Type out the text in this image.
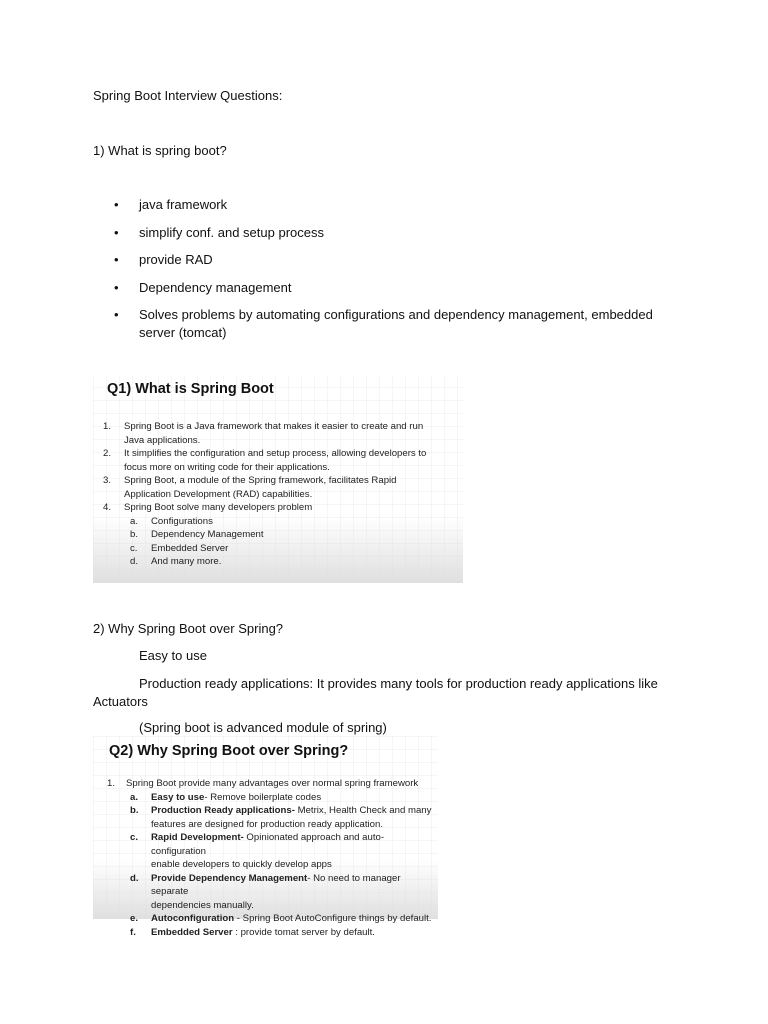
Spring Boot Interview Questions:

1) What is spring boot?

• java framework
• simplify conf. and setup process
• provide RAD
• Dependency management
• Solves problems by automating configurations and dependency management, embedded server (tomcat)
Q1) What is Spring Boot
1. Spring Boot is a Java framework that makes it easier to create and run
Java applications.
2. It simplifies the configuration and setup process, allowing developers to
focus more on writing code for their applications.
3. Spring Boot, a module of the Spring framework, facilitates Rapid
Application Development (RAD) capabilities.
4. Spring Boot solve many developers problem
a. Configurations
b. Dependency Management
c. Embedded Server
d. And many more.

2) Why Spring Boot over Spring?

Easy to use

Production ready applications: It provides many tools for production ready applications like Actuators

(Spring boot is advanced module of spring)

Q2) Why Spring Boot over Spring?
1. Spring Boot provide many advantages over normal spring framework
a. Easy to use- Remove boilerplate codes
b. Production Ready applications- Metrix, Health Check and many
features are designed for production ready application.
c. Rapid Development- Opinionated approach and auto-configuration
enable developers to quickly develop apps
d. Provide Dependency Management- No need to manager separate
dependencies manually.
e. Autoconfiguration - Spring Boot AutoConfigure things by default.
f. Embedded Server : provide tomat server by default.
